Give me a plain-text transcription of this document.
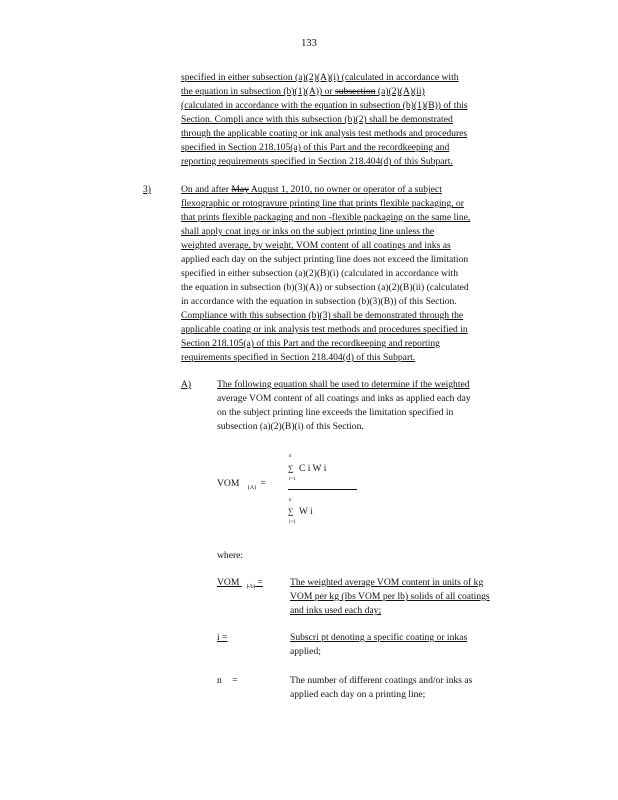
133
specified in either subsection (a)(2)(A)(i) (calculated in accordance with
the equation in subsection (b)(1)(A)) or subsection (a)(2)(A)(ii)
(calculated in accordance with the equation in subsection (b)(1)(B)) of this
Section. Compli ance with this subsection (b)(2) shall be demonstrated
through the applicable coating or ink analysis test methods and procedures
specified in Section 218.105(a) of this Part and the recordkeeping and
reporting requirements specified in Section 218.404(d) of this Subpart.
3)	On and after May August 1, 2010, no owner or operator of a subject
flexographic or rotogravure printing line that prints flexible packaging, or
that prints flexible packaging and non -flexible packaging on the same line,
shall apply coat ings or inks on the subject printing line unless the
weighted average, by weight, VOM content of all coatings and inks as
applied each day on the subject printing line does not exceed the limitation
specified in either subsection (a)(2)(B)(i) (calculated in accordance with
the equation in subsection (b)(3)(A)) or subsection (a)(2)(B)(ii) (calculated
in accordance with the equation in subsection (b)(3)(B)) of this Section.
Compliance with this subsection (b)(3) shall be demonstrated through the
applicable coating or ink analysis test methods and procedures specified in
Section 218.105(a) of this Part and the recordkeeping and reporting
requirements specified in Section 218.404(d) of this Subpart.
A)	The following equation shall be used to determine if the weighted
average VOM content of all coatings and inks as applied each day
on the subject printing line exceeds the limitation specified in
subsection (a)(2)(B)(i) of this Section.
VOM $_{(A)}$ =
n
∑ C i W i
i=1
n
∑ W i
i=1
where:
VOM $_{(A)}$ =	The weighted average VOM content in units of kg
VOM per kg (lbs VOM per lb) solids of all coatings
and inks used each day;
i =	Subscri pt denoting a specific coating or inkas
applied;
n =	The number of different coatings and/or inks as
applied each day on a printing line;
